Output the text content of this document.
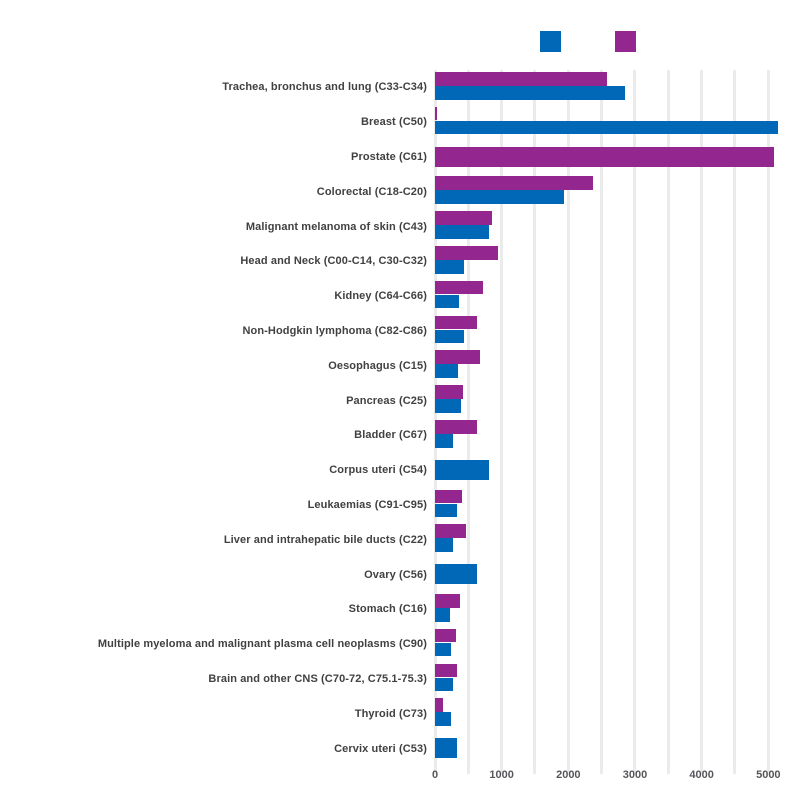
Trachea, bronchus and lung (C33-C34)
Breast (C50)
Prostate (C61)
Colorectal (C18-C20)
Malignant melanoma of skin (C43)
Head and Neck (C00-C14, C30-C32)
Kidney (C64-C66)
Non-Hodgkin lymphoma (C82-C86)
Oesophagus (C15)
Pancreas (C25)
Bladder (C67)
Corpus uteri (C54)
Leukaemias (C91-C95)
Liver and intrahepatic bile ducts (C22)
Ovary (C56)
Stomach (C16)
Multiple myeloma and malignant plasma cell neoplasms (C90)
Brain and other CNS (C70-72, C75.1-75.3)
Thyroid (C73)
Cervix uteri (C53)
0	1000	2000	3000	4000	5000
